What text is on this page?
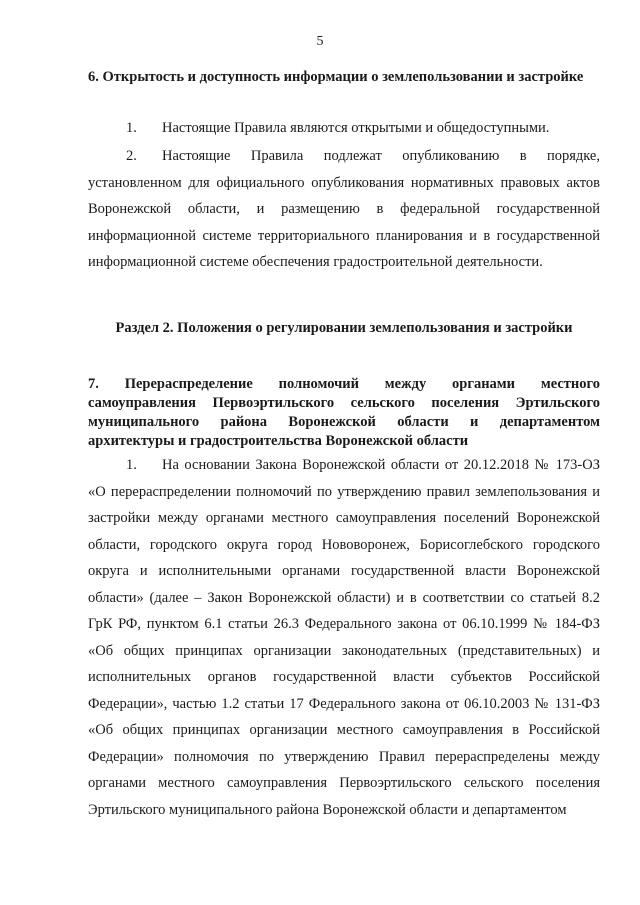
5
6. Открытость и доступность информации о землепользовании и застройке
1. Настоящие Правила являются открытыми и общедоступными.
2. Настоящие Правила подлежат опубликованию в порядке, установленном для официального опубликования нормативных правовых актов Воронежской области, и размещению в федеральной государственной информационной системе территориального планирования и в государственной информационной системе обеспечения градостроительной деятельности.
Раздел 2. Положения о регулировании землепользования и застройки
7. Перераспределение полномочий между органами местного самоуправления Первоэртильского сельского поселения Эртильского муниципального района Воронежской области и департаментом архитектуры и градостроительства Воронежской области
1. На основании Закона Воронежской области от 20.12.2018 № 173-ОЗ «О перераспределении полномочий по утверждению правил землепользования и застройки между органами местного самоуправления поселений Воронежской области, городского округа город Нововоронеж, Борисоглебского городского округа и исполнительными органами государственной власти Воронежской области» (далее – Закон Воронежской области) и в соответствии со статьей 8.2 ГрК РФ, пунктом 6.1 статьи 26.3 Федерального закона от 06.10.1999 № 184-ФЗ «Об общих принципах организации законодательных (представительных) и исполнительных органов государственной власти субъектов Российской Федерации», частью 1.2 статьи 17 Федерального закона от 06.10.2003 № 131-ФЗ «Об общих принципах организации местного самоуправления в Российской Федерации» полномочия по утверждению Правил перераспределены между органами местного самоуправления Первоэртильского сельского поселения Эртильского муниципального района Воронежской области и департаментом
